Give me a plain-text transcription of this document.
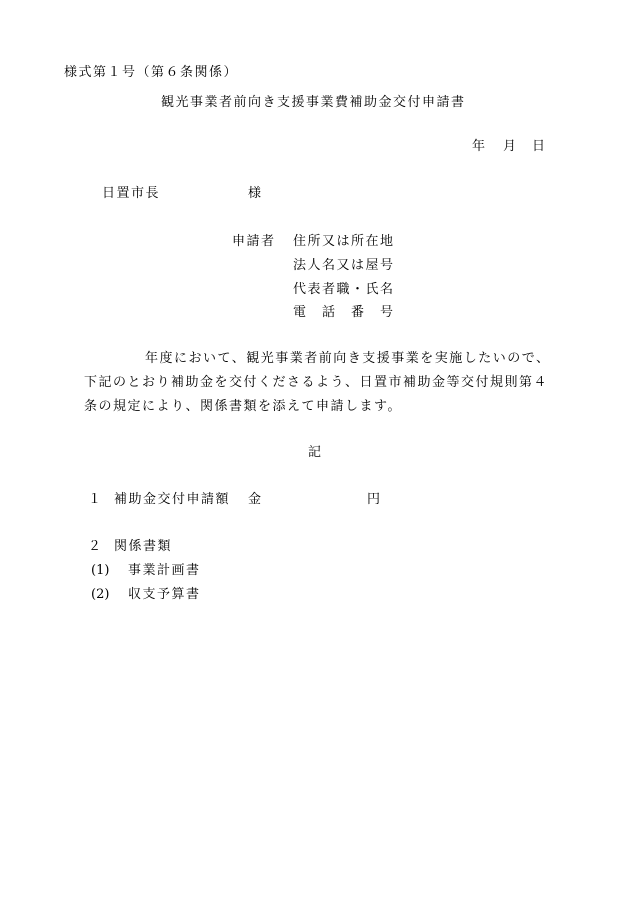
様式第１号（第６条関係）
観光事業者前向き支援事業費補助金交付申請書
年 月 日
日置市長	様
申請者 住所又は所在地
法人名又は屋号
代表者職・氏名
電　話　番　号
年度において、観光事業者前向き支援事業を実施したいので、
下記のとおり補助金を交付くださるよう、日置市補助金等交付規則第４
条の規定により、関係書類を添えて申請します。
記
１ 補助金交付申請額 金	円
２ 関係書類
(1) 事業計画書
(2) 収支予算書
